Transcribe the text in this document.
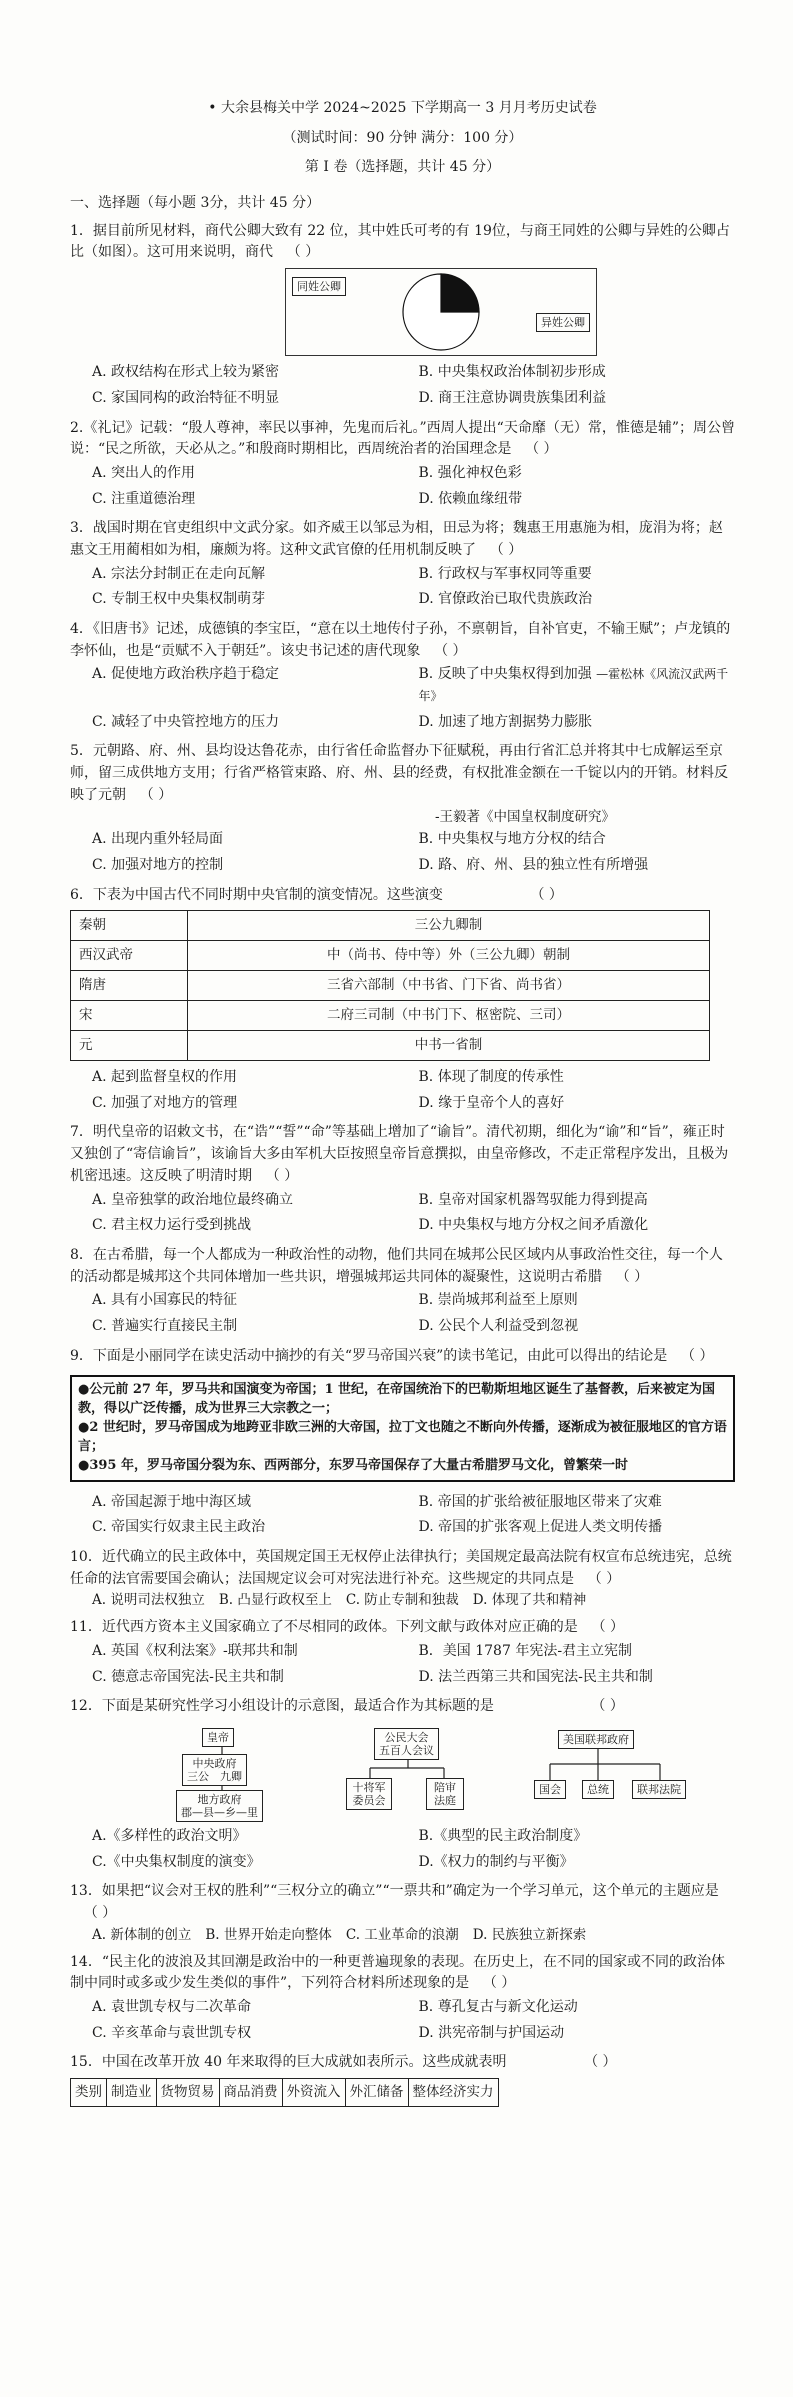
• 大余县梅关中学 2024~2025 下学期高一 3 月月考历史试卷
（测试时间：90 分钟 满分：100 分）
第 I 卷（选择题，共计 45 分）
一、选择题（每小题 3分，共计 45 分）
1．据目前所见材料，商代公卿大致有 22 位，其中姓氏可考的有 19位，与商王同姓的公卿与异姓的公卿占比（如图）。这可用来说明，商代 （ ）
同姓公卿
异姓公卿
A. 政权结构在形式上较为紧密	B. 中央集权政治体制初步形成
C. 家国同构的政治特征不明显	D. 商王注意协调贵族集团利益
2.《礼记》记载：“殷人尊神，率民以事神，先鬼而后礼。”西周人提出“天命靡（无）常，惟德是辅”；周公曾说：“民之所欲，天必从之。”和殷商时期相比，西周统治者的治国理念是 （ ）
A. 突出人的作用	B. 强化神权色彩
C. 注重道德治理	D. 依赖血缘纽带
3．战国时期在官吏组织中文武分家。如齐威王以邹忌为相，田忌为将；魏惠王用惠施为相，庞涓为将；赵惠文王用蔺相如为相，廉颇为将。这种文武官僚的任用机制反映了 （ ）
A. 宗法分封制正在走向瓦解	B. 行政权与军事权同等重要
C. 专制王权中央集权制萌芽	D. 官僚政治已取代贵族政治
4．《旧唐书》记述，成德镇的李宝臣，“意在以土地传付子孙，不禀朝旨，自补官吏，不输王赋”；卢龙镇的李怀仙，也是“贡赋不入于朝廷”。该史书记述的唐代现象 （ ）
A. 促使地方政治秩序趋于稳定	B. 反映了中央集权得到加强 —霍松林《风流汉武两千年》
C. 减轻了中央管控地方的压力	D. 加速了地方割据势力膨胀
5．元朝路、府、州、县均设达鲁花赤，由行省任命监督办下征赋税，再由行省汇总并将其中七成解运至京师，留三成供地方支用；行省严格管束路、府、州、县的经费，有权批准金额在一千锭以内的开销。材料反映了元朝 （ ）
-王毅著《中国皇权制度研究》
A. 出现内重外轻局面	B. 中央集权与地方分权的结合
C. 加强对地方的控制	D. 路、府、州、县的独立性有所增强
6．下表为中国古代不同时期中央官制的演变情况。这些演变	（ ）
秦朝	三公九卿制
西汉武帝	中（尚书、侍中等）外（三公九卿）朝制
隋唐	三省六部制（中书省、门下省、尚书省）
宋	二府三司制（中书门下、枢密院、三司）
元	中书一省制
A. 起到监督皇权的作用	B. 体现了制度的传承性
C. 加强了对地方的管理	D. 缘于皇帝个人的喜好
7．明代皇帝的诏敕文书，在“诰”“誓”“命”等基础上增加了“谕旨”。清代初期，细化为“谕”和“旨”，雍正时又独创了“寄信谕旨”，该谕旨大多由军机大臣按照皇帝旨意撰拟，由皇帝修改，不走正常程序发出，且极为机密迅速。这反映了明清时期 （ ）
A. 皇帝独掌的政治地位最终确立	B. 皇帝对国家机器驾驭能力得到提高
C. 君主权力运行受到挑战	D. 中央集权与地方分权之间矛盾激化
8．在古希腊，每一个人都成为一种政治性的动物，他们共同在城邦公民区域内从事政治性交往，每一个人的活动都是城邦这个共同体增加一些共识，增强城邦运共同体的凝聚性，这说明古希腊 （ ）
A. 具有小国寡民的特征	B. 崇尚城邦利益至上原则
C. 普遍实行直接民主制	D. 公民个人利益受到忽视
9．下面是小丽同学在读史活动中摘抄的有关“罗马帝国兴衰”的读书笔记，由此可以得出的结论是 （ ）
●公元前 27 年，罗马共和国演变为帝国；1 世纪，在帝国统治下的巴勒斯坦地区诞生了基督教，后来被定为国教，得以广泛传播，成为世界三大宗教之一；
●2 世纪时，罗马帝国成为地跨亚非欧三洲的大帝国，拉丁文也随之不断向外传播，逐渐成为被征服地区的官方语言；
●395 年，罗马帝国分裂为东、西两部分，东罗马帝国保存了大量古希腊罗马文化，曾繁荣一时
A. 帝国起源于地中海区域	B. 帝国的扩张给被征服地区带来了灾难
C. 帝国实行奴隶主民主政治	D. 帝国的扩张客观上促进人类文明传播
10．近代确立的民主政体中，英国规定国王无权停止法律执行；美国规定最高法院有权宣布总统违宪，总统任命的法官需要国会确认；法国规定议会可对宪法进行补充。这些规定的共同点是 （ ）
A. 说明司法权独立 B. 凸显行政权至上 C. 防止专制和独裁 D. 体现了共和精神
11．近代西方资本主义国家确立了不尽相同的政体。下列文献与政体对应正确的是 （ ）
A. 英国《权利法案》-联邦共和制	B．美国 1787 年宪法-君主立宪制
C. 德意志帝国宪法-民主共和制	D. 法兰西第三共和国宪法-民主共和制
12．下面是某研究性学习小组设计的示意图，最适合作为其标题的是	（ ）
皇帝
中央政府
三公　九卿
地方政府
郡—县—乡—里
公民大会
五百人会议
十将军委员会
陪审法庭
美国联邦政府
国会	总统	联邦法院
A.《多样性的政治文明》	B.《典型的民主政治制度》
C.《中央集权制度的演变》	D.《权力的制约与平衡》
13．如果把“议会对王权的胜利”“三权分立的确立”“一票共和”确定为一个学习单元，这个单元的主题应是（ ）
A. 新体制的创立 B. 世界开始走向整体 C. 工业革命的浪潮 D. 民族独立新探索
14．“民主化的波浪及其回潮是政治中的一种更普遍现象的表现。在历史上，在不同的国家或不同的政治体制中同时或多或少发生类似的事件”，下列符合材料所述现象的是 （ ）
A. 袁世凯专权与二次革命	B. 尊孔复古与新文化运动
C. 辛亥革命与袁世凯专权	D. 洪宪帝制与护国运动
15．中国在改革开放 40 年来取得的巨大成就如表所示。这些成就表明	（ ）
类别	制造业	货物贸易	商品消费	外资流入	外汇储备	整体经济实力
